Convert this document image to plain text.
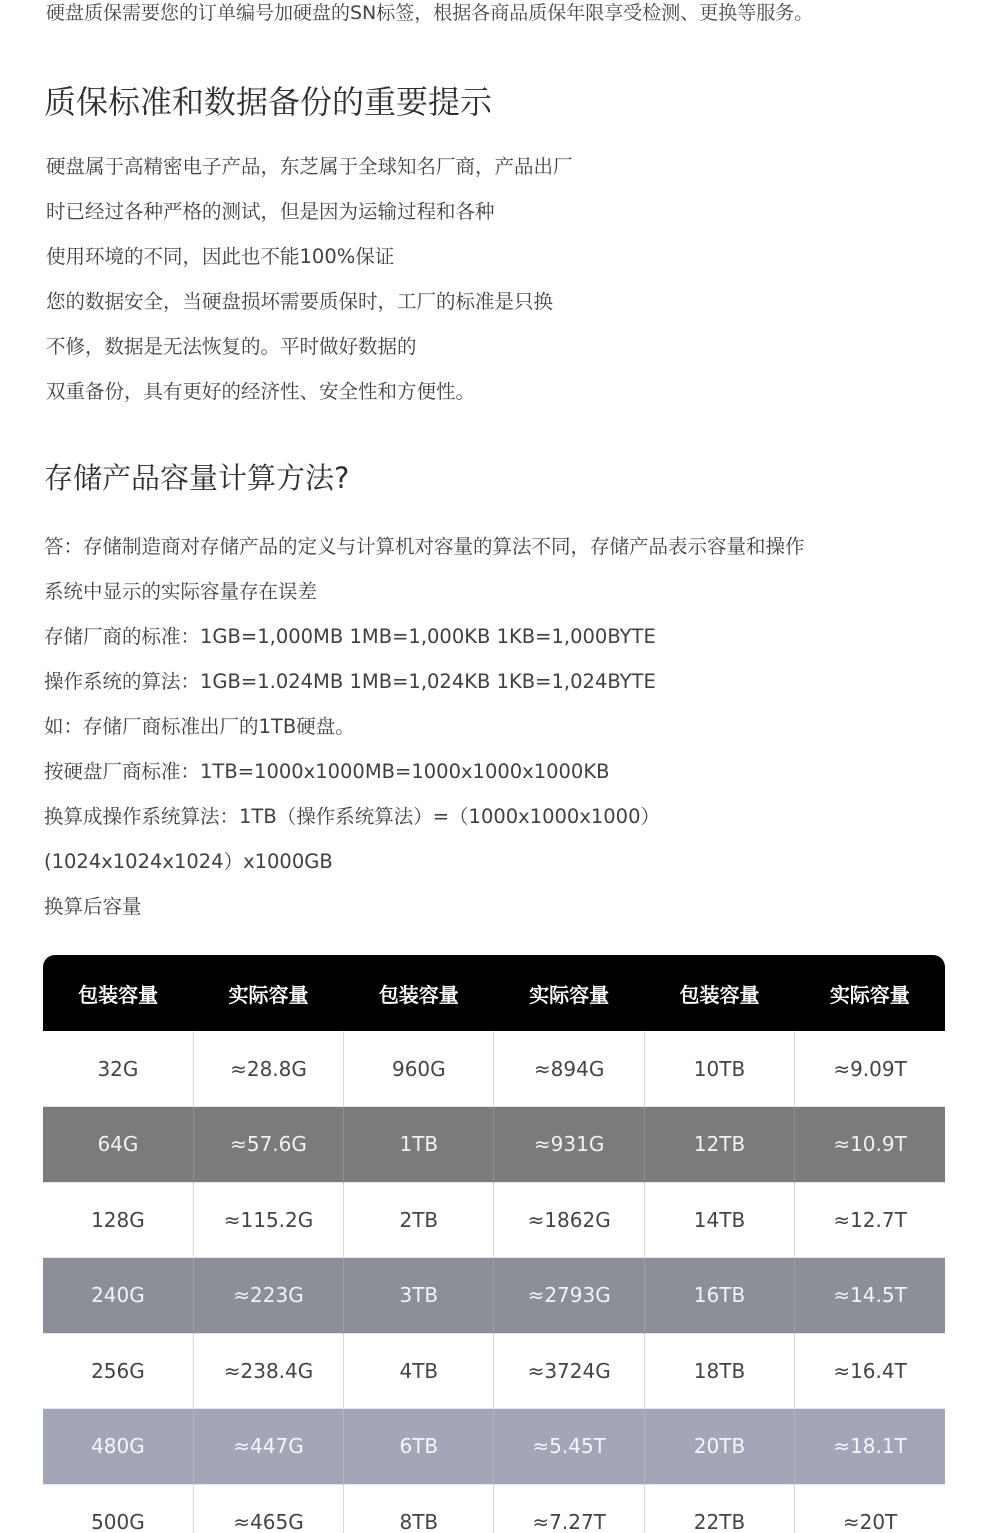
硬盘质保需要您的订单编号加硬盘的SN标签，根据各商品质保年限享受检测、更换等服务。
质保标准和数据备份的重要提示
硬盘属于高精密电子产品，东芝属于全球知名厂商，产品出厂
时已经过各种严格的测试，但是因为运输过程和各种
使用环境的不同，因此也不能100%保证
您的数据安全，当硬盘损坏需要质保时，工厂的标准是只换
不修，数据是无法恢复的。平时做好数据的
双重备份，具有更好的经济性、安全性和方便性。
存储产品容量计算方法?
答：存储制造商对存储产品的定义与计算机对容量的算法不同，存储产品表示容量和操作
系统中显示的实际容量存在误差
存储厂商的标准：1GB=1,000MB 1MB=1,000KB 1KB=1,000BYTE
操作系统的算法：1GB=1.024MB 1MB=1,024KB 1KB=1,024BYTE
如：存储厂商标准出厂的1TB硬盘。
按硬盘厂商标准：1TB=1000x1000MB=1000x1000x1000KB
换算成操作系统算法：1TB（操作系统算法）=（1000x1000x1000）
(1024x1024x1024）x1000GB
换算后容量
包装容量	实际容量	包装容量	实际容量	包装容量	实际容量
32G	≈28.8G	960G	≈894G	10TB	≈9.09T
64G	≈57.6G	1TB	≈931G	12TB	≈10.9T
128G	≈115.2G	2TB	≈1862G	14TB	≈12.7T
240G	≈223G	3TB	≈2793G	16TB	≈14.5T
256G	≈238.4G	4TB	≈3724G	18TB	≈16.4T
480G	≈447G	6TB	≈5.45T	20TB	≈18.1T
500G	≈465G	8TB	≈7.27T	22TB	≈20T
